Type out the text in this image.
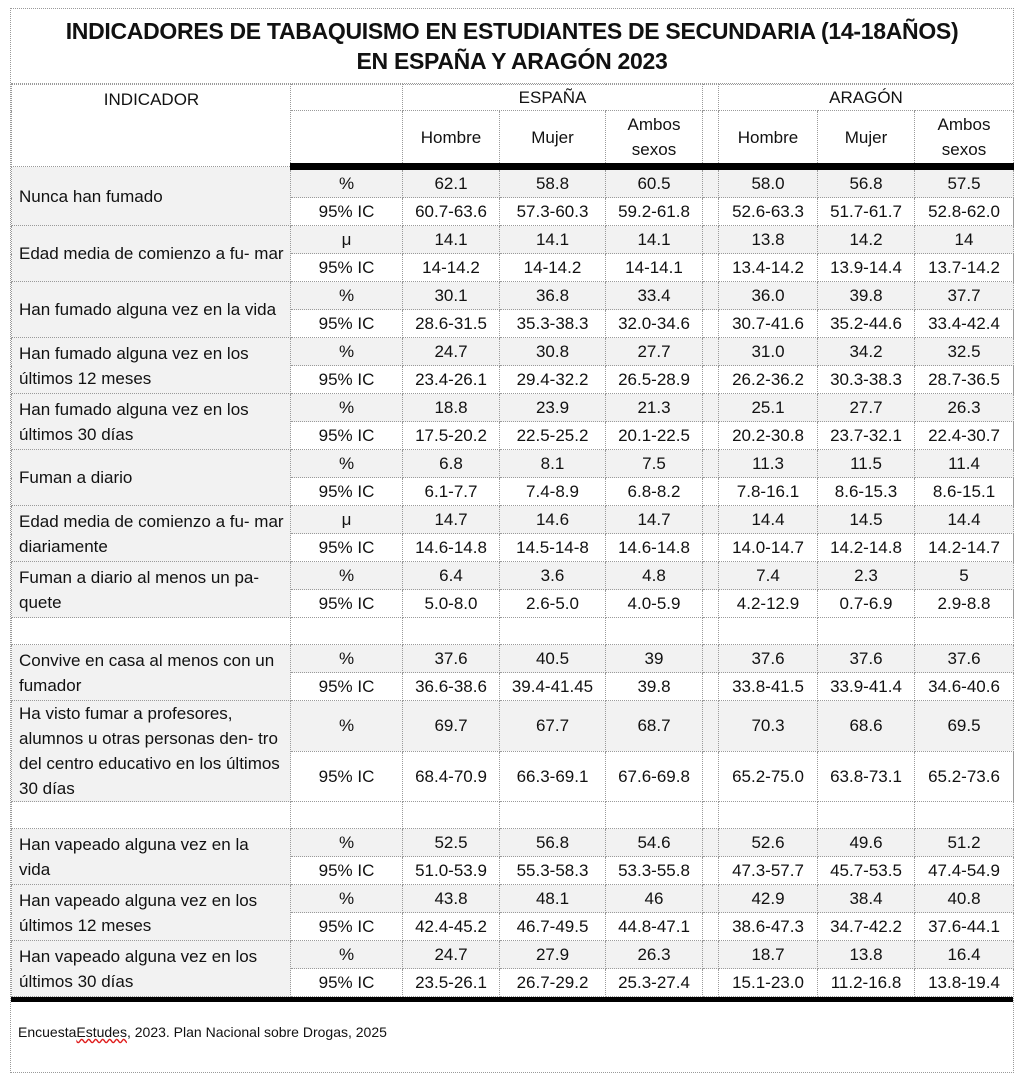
INDICADORES DE TABAQUISMO EN ESTUDIANTES DE SECUNDARIA (14-18AÑOS)
EN ESPAÑA Y ARAGÓN 2023
INDICADOR		ESPAÑA				ARAGÓN		
		Hombre	Mujer	Ambos sexos		Hombre	Mujer	Ambos sexos
Nunca han fumado	%	62.1	58.8	60.5		58.0	56.8	57.5
	95% IC	60.7-63.6	57.3-60.3	59.2-61.8		52.6-63.3	51.7-61.7	52.8-62.0
Edad media de comienzo a fu- mar	μ	14.1	14.1	14.1		13.8	14.2	14
	95% IC	14-14.2	14-14.2	14-14.1		13.4-14.2	13.9-14.4	13.7-14.2
Han fumado alguna vez en la vida	%	30.1	36.8	33.4		36.0	39.8	37.7
	95% IC	28.6-31.5	35.3-38.3	32.0-34.6		30.7-41.6	35.2-44.6	33.4-42.4
Han fumado alguna vez en los últimos 12 meses	%	24.7	30.8	27.7		31.0	34.2	32.5
	95% IC	23.4-26.1	29.4-32.2	26.5-28.9		26.2-36.2	30.3-38.3	28.7-36.5
Han fumado alguna vez en los últimos 30 días	%	18.8	23.9	21.3		25.1	27.7	26.3
	95% IC	17.5-20.2	22.5-25.2	20.1-22.5		20.2-30.8	23.7-32.1	22.4-30.7
Fuman a diario	%	6.8	8.1	7.5		11.3	11.5	11.4
	95% IC	6.1-7.7	7.4-8.9	6.8-8.2		7.8-16.1	8.6-15.3	8.6-15.1
Edad media de comienzo a fu- mar diariamente	μ	14.7	14.6	14.7		14.4	14.5	14.4
	95% IC	14.6-14.8	14.5-14-8	14.6-14.8		14.0-14.7	14.2-14.8	14.2-14.7
Fuman a diario al menos un pa- quete	%	6.4	3.6	4.8		7.4	2.3	5
	95% IC	5.0-8.0	2.6-5.0	4.0-5.9		4.2-12.9	0.7-6.9	2.9-8.8

Convive en casa al menos con un fumador	%	37.6	40.5	39		37.6	37.6	37.6
	95% IC	36.6-38.6	39.4-41.45	39.8		33.8-41.5	33.9-41.4	34.6-40.6
Ha visto fumar a profesores, alumnos u otras personas den- tro del centro educativo en los últimos 30 días	%	69.7	67.7	68.7		70.3	68.6	69.5
	95% IC	68.4-70.9	66.3-69.1	67.6-69.8		65.2-75.0	63.8-73.1	65.2-73.6

Han vapeado alguna vez en la vida	%	52.5	56.8	54.6		52.6	49.6	51.2
	95% IC	51.0-53.9	55.3-58.3	53.3-55.8		47.3-57.7	45.7-53.5	47.4-54.9
Han vapeado alguna vez en los últimos 12 meses	%	43.8	48.1	46		42.9	38.4	40.8
	95% IC	42.4-45.2	46.7-49.5	44.8-47.1		38.6-47.3	34.7-42.2	37.6-44.1
Han vapeado alguna vez en los últimos 30 días	%	24.7	27.9	26.3		18.7	13.8	16.4
	95% IC	23.5-26.1	26.7-29.2	25.3-27.4		15.1-23.0	11.2-16.8	13.8-19.4
Encuesta Estudes , 2023. Plan Nacional sobre Drogas, 2025
